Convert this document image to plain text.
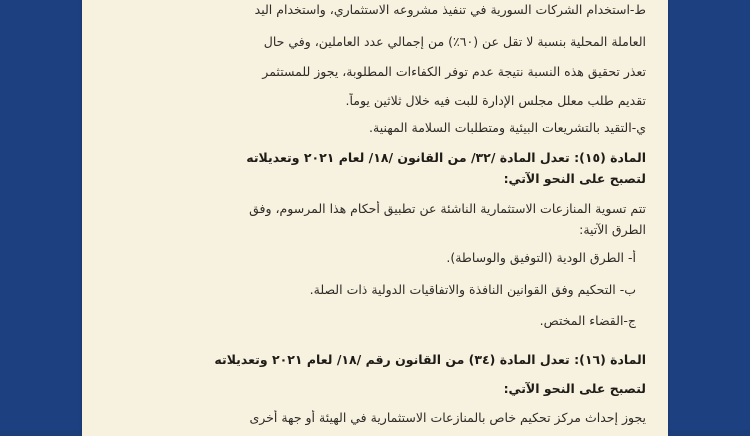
ط-استخدام الشركات السورية في تنفيذ مشروعه الاستثماري، واستخدام اليد
العاملة المحلية بنسبة لا تقل عن (٦٠٪) من إجمالي عدد العاملين، وفي حال
تعذر تحقيق هذه النسبة نتيجة عدم توفر الكفاءات المطلوبة، يجوز للمستثمر
تقديم طلب معلل مجلس الإدارة للبت فيه خلال ثلاثين يوماً.
ي-التقيد بالتشريعات البيئية ومتطلبات السلامة المهنية.
المادة (١٥): تعدل المادة /٣٢/ من القانون /١٨/ لعام ٢٠٢١ وتعديلاته
لتصبح على النحو الآتي:
تتم تسوية المنازعات الاستثمارية الناشئة عن تطبيق أحكام هذا المرسوم، وفق
الطرق الآتية:
أ- الطرق الودية (التوفيق والوساطة).
ب- التحكيم وفق القوانين النافذة والاتفاقيات الدولية ذات الصلة.
ج-القضاء المختص.
المادة (١٦): تعدل المادة (٣٤) من القانون رقم /١٨/ لعام ٢٠٢١ وتعديلاته
لتصبح على النحو الآتي:
يجوز إحداث مركز تحكيم خاص بالمنازعات الاستثمارية في الهيئة أو جهة أخرى
